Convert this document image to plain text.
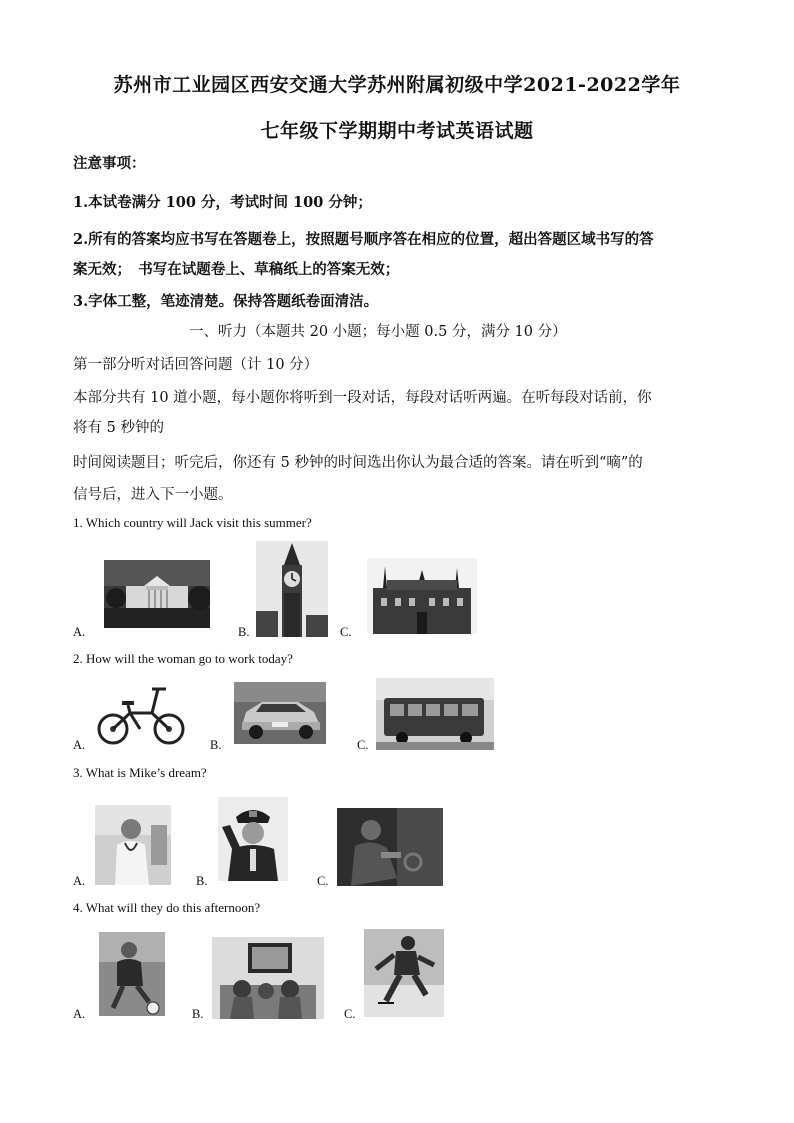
苏州市工业园区西安交通大学苏州附属初级中学2021-2022学年
七年级下学期期中考试英语试题
注意事项：
1.本试卷满分 100 分，考试时间 100 分钟；
2.所有的答案均应书写在答题卷上，按照题号顺序答在相应的位置，超出答题区域书写的答
案无效；　书写在试题卷上、草稿纸上的答案无效；
3.字体工整，笔迹清楚。保持答题纸卷面清洁。
一、听力（本题共 20 小题；每小题 0.5 分，满分 10 分）
第一部分听对话回答问题（计 10 分）
本部分共有 10 道小题，每小题你将听到一段对话，每段对话听两遍。在听每段对话前，你
将有 5 秒钟的
时间阅读题目；听完后，你还有 5 秒钟的时间选出你认为最合适的答案。请在听到“嘀”的
信号后，进入下一小题。
1. Which country will Jack visit this summer?
A.	B.	C.
2. How will the woman go to work today?
A.	B.	C.
3. What is Mike’s dream?
A.	B.	C.
4. What will they do this afternoon?
A.	B.	C.
